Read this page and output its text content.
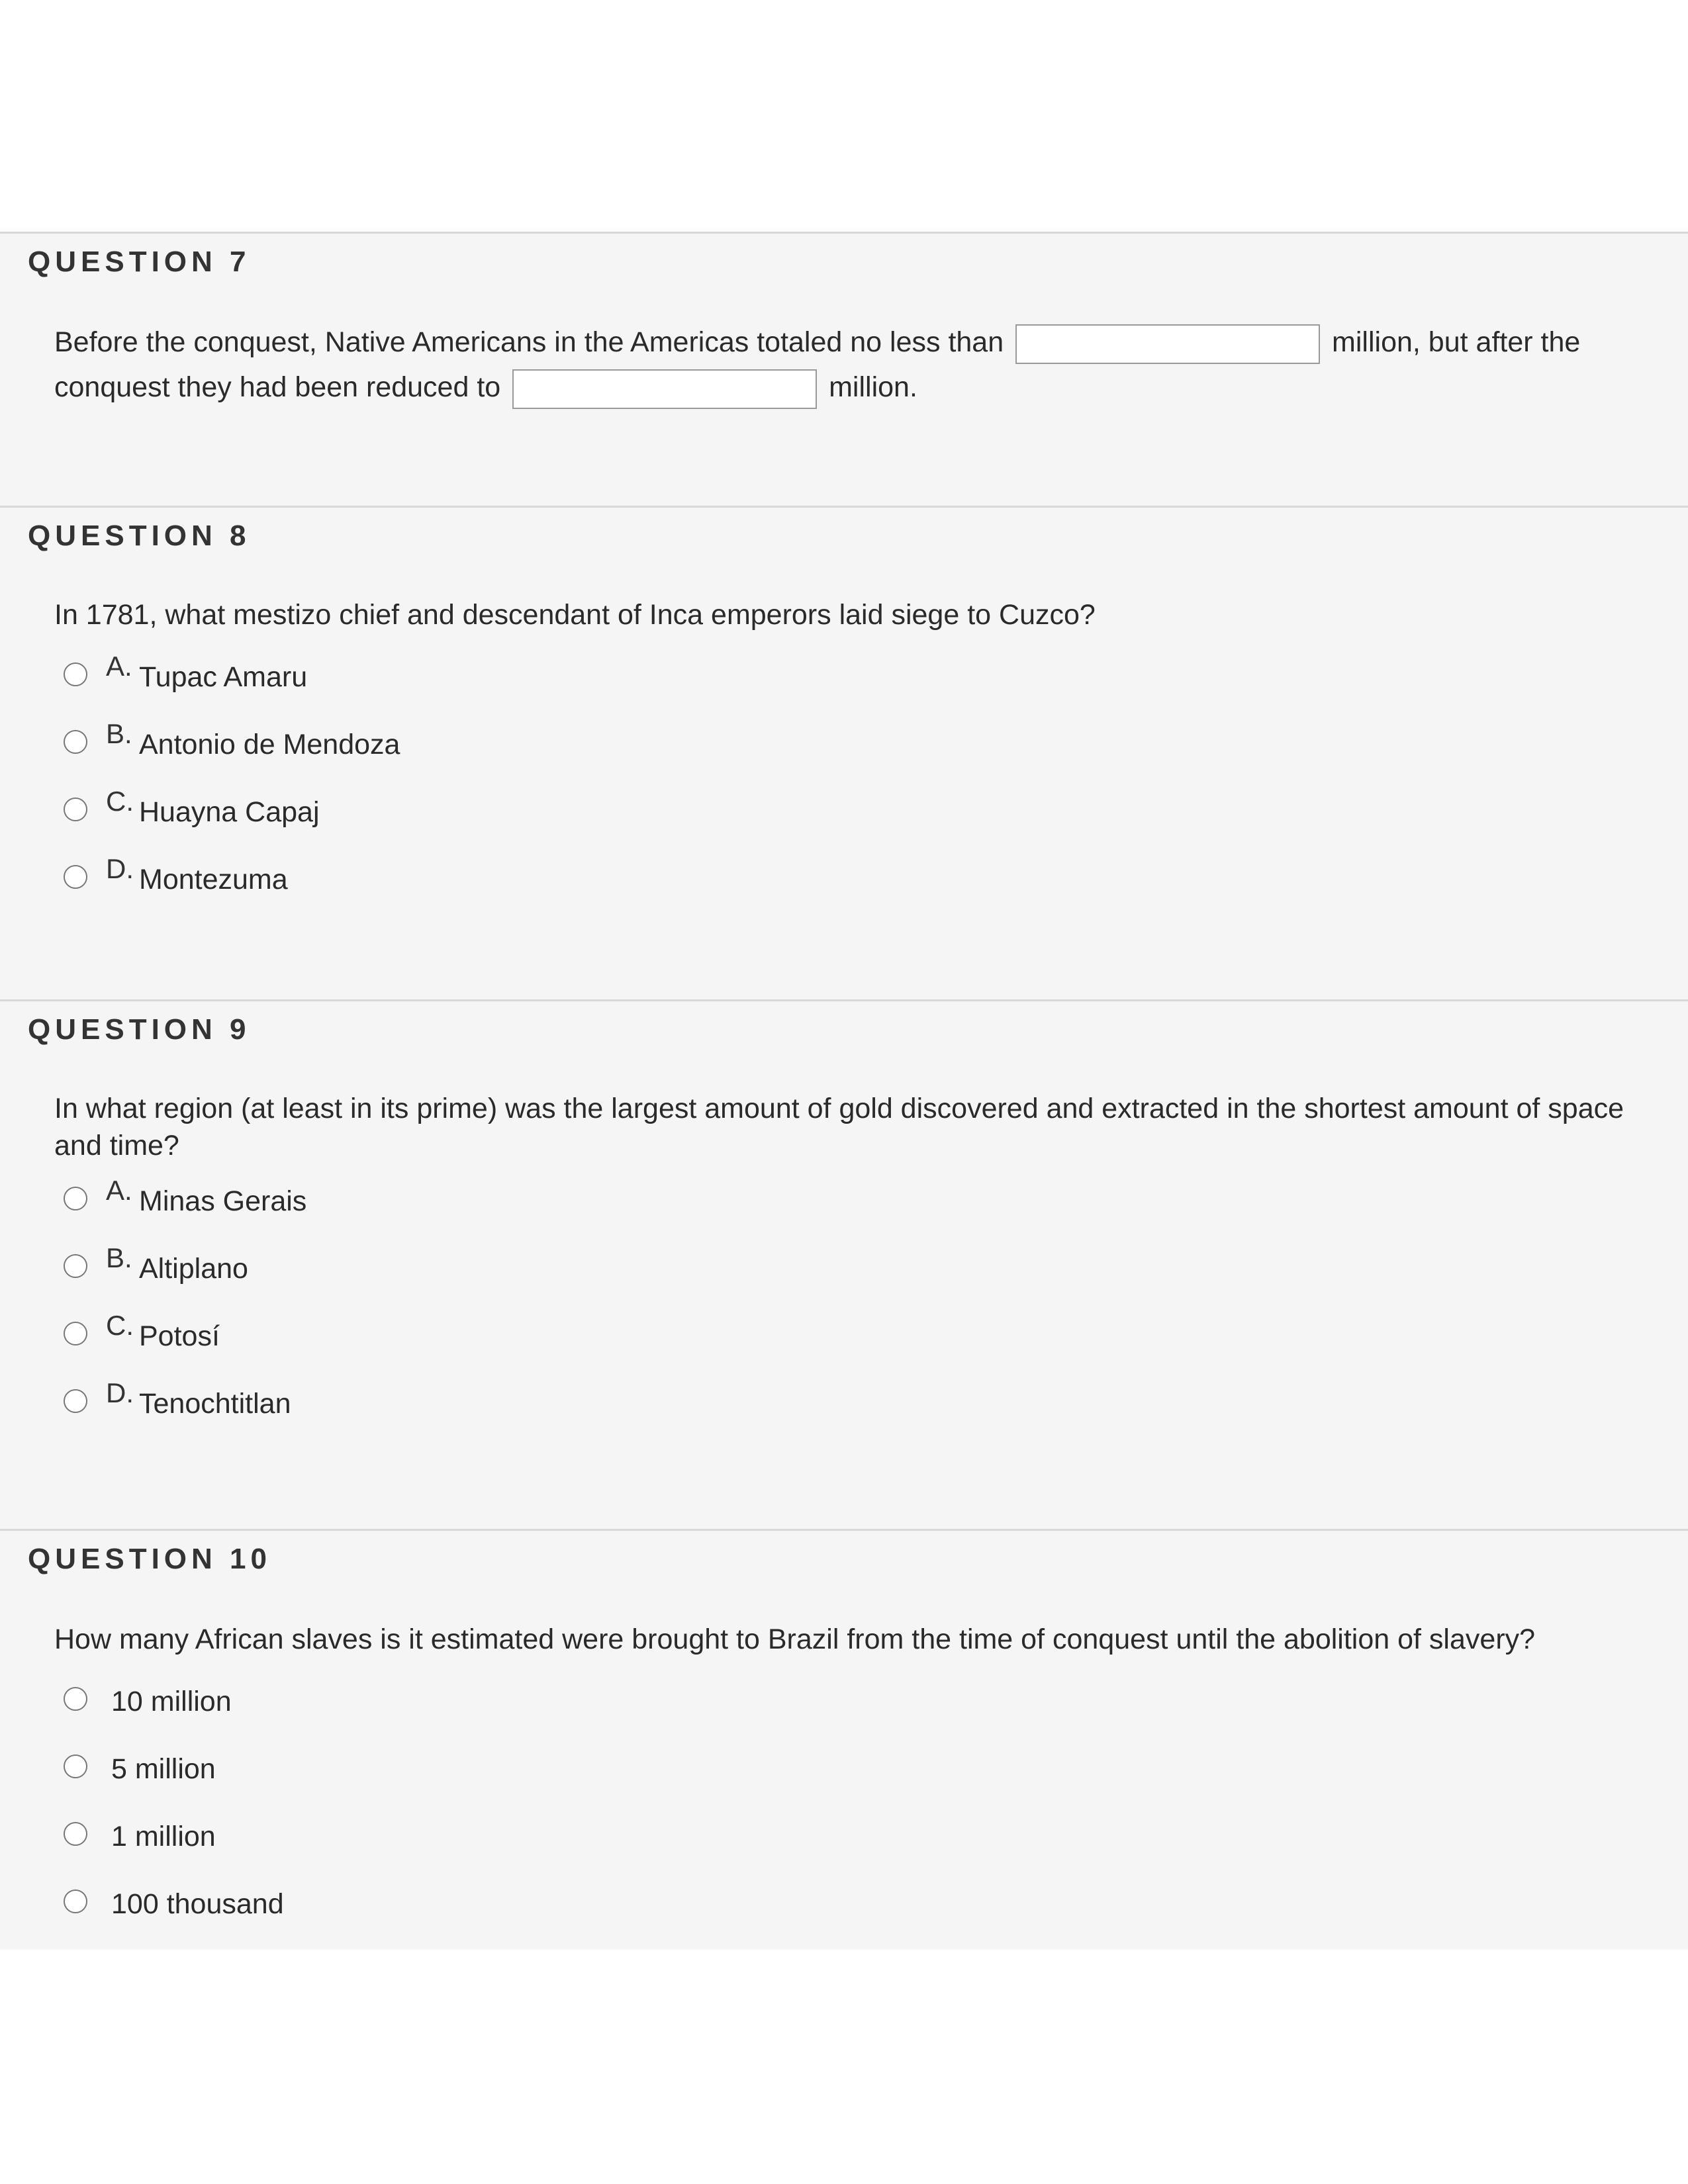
QUESTION 7

Before the conquest, Native Americans in the Americas totaled no less than	million, but after the conquest they had been reduced to	million.

QUESTION 8

In 1781, what mestizo chief and descendant of Inca emperors laid siege to Cuzco?

A. Tupac Amaru
B. Antonio de Mendoza
C. Huayna Capaj
D. Montezuma
QUESTION 9

In what region (at least in its prime) was the largest amount of gold discovered and extracted in the shortest amount of space and time?

A. Minas Gerais
B. Altiplano
C. Potosí
D. Tenochtitlan
QUESTION 10

How many African slaves is it estimated were brought to Brazil from the time of conquest until the abolition of slavery?

10 million
5 million
1 million
100 thousand
